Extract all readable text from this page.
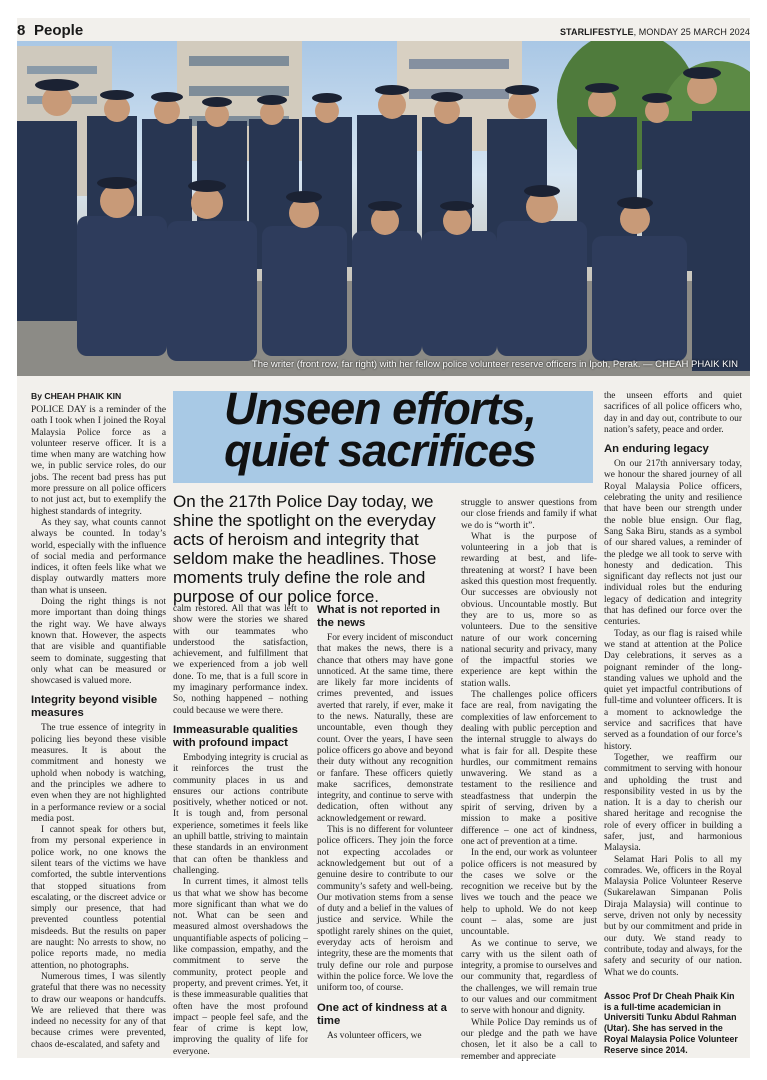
8 People	STARLIFESTYLE, MONDAY 25 MARCH 2024
The writer (front row, far right) with her fellow police volunteer reserve officers in Ipoh, Perak. — CHEAH PHAIK KIN
By CHEAH PHAIK KIN	Unseen efforts,
quiet sacrifices
On the 217th Police Day today, we shine the spotlight on the everyday acts of heroism and integrity that seldom make the headlines. Those moments truly define the role and purpose of our police force.

POLICE DAY is a reminder of the oath I took when I joined the Royal Malaysia Police force as a volunteer reserve officer. It is a time when many are watching how we, in public service roles, do our jobs. The recent bad press has put more pressure on all police officers to not just act, but to exemplify the highest standards of integrity.

As they say, what counts cannot always be counted. In today’s world, especially with the influence of social media and performance indices, it often feels like what we display outwardly matters more than what is unseen.

Doing the right things is not more important than doing things the right way. We have always known that. However, the aspects that are visible and quantifiable seem to dominate, suggesting that only what can be measured or showcased is valued more.

Integrity beyond visible measures

The true essence of integrity in policing lies beyond these visible measures. It is about the commitment and honesty we uphold when nobody is watching, and the principles we adhere to even when they are not highlighted in a performance review or a social media post.

I cannot speak for others but, from my personal experience in police work, no one knows the silent tears of the victims we have comforted, the subtle interventions that stopped situations from escalating, or the discreet advice or simply our presence, that had prevented countless potential misdeeds. But the results on paper are naught: No arrests to show, no police reports made, no media attention, no photographs.

Numerous times, I was silently grateful that there was no necessity to draw our weapons or handcuffs. We are relieved that there was indeed no necessity for any of that because crimes were prevented, chaos de-escalated, and safety and

calm restored. All that was left to show were the stories we shared with our teammates who understood the satisfaction, achievement, and fulfillment that we experienced from a job well done. To me, that is a full score in my imaginary performance index. So, nothing happened – nothing could because we were there.

Immeasurable qualities with profound impact

Embodying integrity is crucial as it reinforces the trust the community places in us and ensures our actions contribute positively, whether noticed or not. It is tough and, from personal experience, sometimes it feels like an uphill battle, striving to maintain these standards in an environment that can often be thankless and challenging.

In current times, it almost tells us that what we show has become more significant than what we do not. What can be seen and measured almost overshadows the unquantifiable aspects of policing – like compassion, empathy, and the commitment to serve the community, protect people and property, and prevent crimes. Yet, it is these immeasurable qualities that often have the most profound impact – people feel safe, and the fear of crime is kept low, improving the quality of life for everyone.

What is not reported in the news

For every incident of misconduct that makes the news, there is a chance that others may have gone unnoticed. At the same time, there are likely far more incidents of crimes prevented, and issues averted that rarely, if ever, make it to the news. Naturally, these are uncountable, even though they count. Over the years, I have seen police officers go above and beyond their duty without any recognition or fanfare. These officers quietly make sacrifices, demonstrate integrity, and continue to serve with dedication, often without any acknowledgement or reward.

This is no different for volunteer police officers. They join the force not expecting accolades or acknowledgement but out of a genuine desire to contribute to our community’s safety and well-being. Our motivation stems from a sense of duty and a belief in the values of justice and service. While the spotlight rarely shines on the quiet, everyday acts of heroism and integrity, these are the moments that truly define our role and purpose within the police force. We love the uniform too, of course.

One act of kindness at a time

As volunteer officers, we

struggle to answer questions from our close friends and family if what we do is “worth it”.

What is the purpose of volunteering in a job that is rewarding at best, and life-threatening at worst? I have been asked this question most frequently. Our successes are obviously not obvious. Uncountable mostly. But they are to us, more so as volunteers. Due to the sensitive nature of our work concerning national security and privacy, many of the impactful stories we experience are kept within the station walls.

The challenges police officers face are real, from navigating the complexities of law enforcement to dealing with public perception and the internal struggle to always do what is fair for all. Despite these hurdles, our commitment remains unwavering. We stand as a testament to the resilience and steadfastness that underpin the spirit of serving, driven by a mission to make a positive difference – one act of kindness, one act of prevention at a time.

In the end, our work as volunteer police officers is not measured by the cases we solve or the recognition we receive but by the lives we touch and the peace we help to uphold. We do not keep count – alas, some are just uncountable.

As we continue to serve, we carry with us the silent oath of integrity, a promise to ourselves and our community that, regardless of the challenges, we will remain true to our values and our commitment to serve with honour and dignity.

While Police Day reminds us of our pledge and the path we have chosen, let it also be a call to remember and appreciate

the unseen efforts and quiet sacrifices of all police officers who, day in and day out, contribute to our nation’s safety, peace and order.

An enduring legacy

On our 217th anniversary today, we honour the shared journey of all Royal Malaysia Police officers, celebrating the unity and resilience that have been our strength under the noble blue ensign. Our flag, Sang Saka Biru, stands as a symbol of our shared values, a reminder of the pledge we all took to serve with honesty and dedication. This significant day reflects not just our individual roles but the enduring legacy of dedication and integrity that has defined our force over the centuries.

Today, as our flag is raised while we stand at attention at the Police Day celebrations, it serves as a poignant reminder of the long-standing values we uphold and the quiet yet impactful contributions of full-time and volunteer officers. It is a moment to acknowledge the service and sacrifices that have served as a foundation of our force’s history.

Together, we reaffirm our commitment to serving with honour and upholding the trust and responsibility vested in us by the nation. It is a day to cherish our shared heritage and recognise the role of every officer in building a safer, just, and harmonious Malaysia.

Selamat Hari Polis to all my comrades. We, officers in the Royal Malaysia Police Volunteer Reserve (Sukarelawan Simpanan Polis Diraja Malaysia) will continue to serve, driven not only by necessity but by our commitment and pride in our duty. We stand ready to contribute, today and always, for the safety and security of our nation. What we do counts.

Assoc Prof Dr Cheah Phaik Kin is a full-time academician in Universiti Tunku Abdul Rahman (Utar). She has served in the Royal Malaysia Police Volunteer Reserve since 2014.
